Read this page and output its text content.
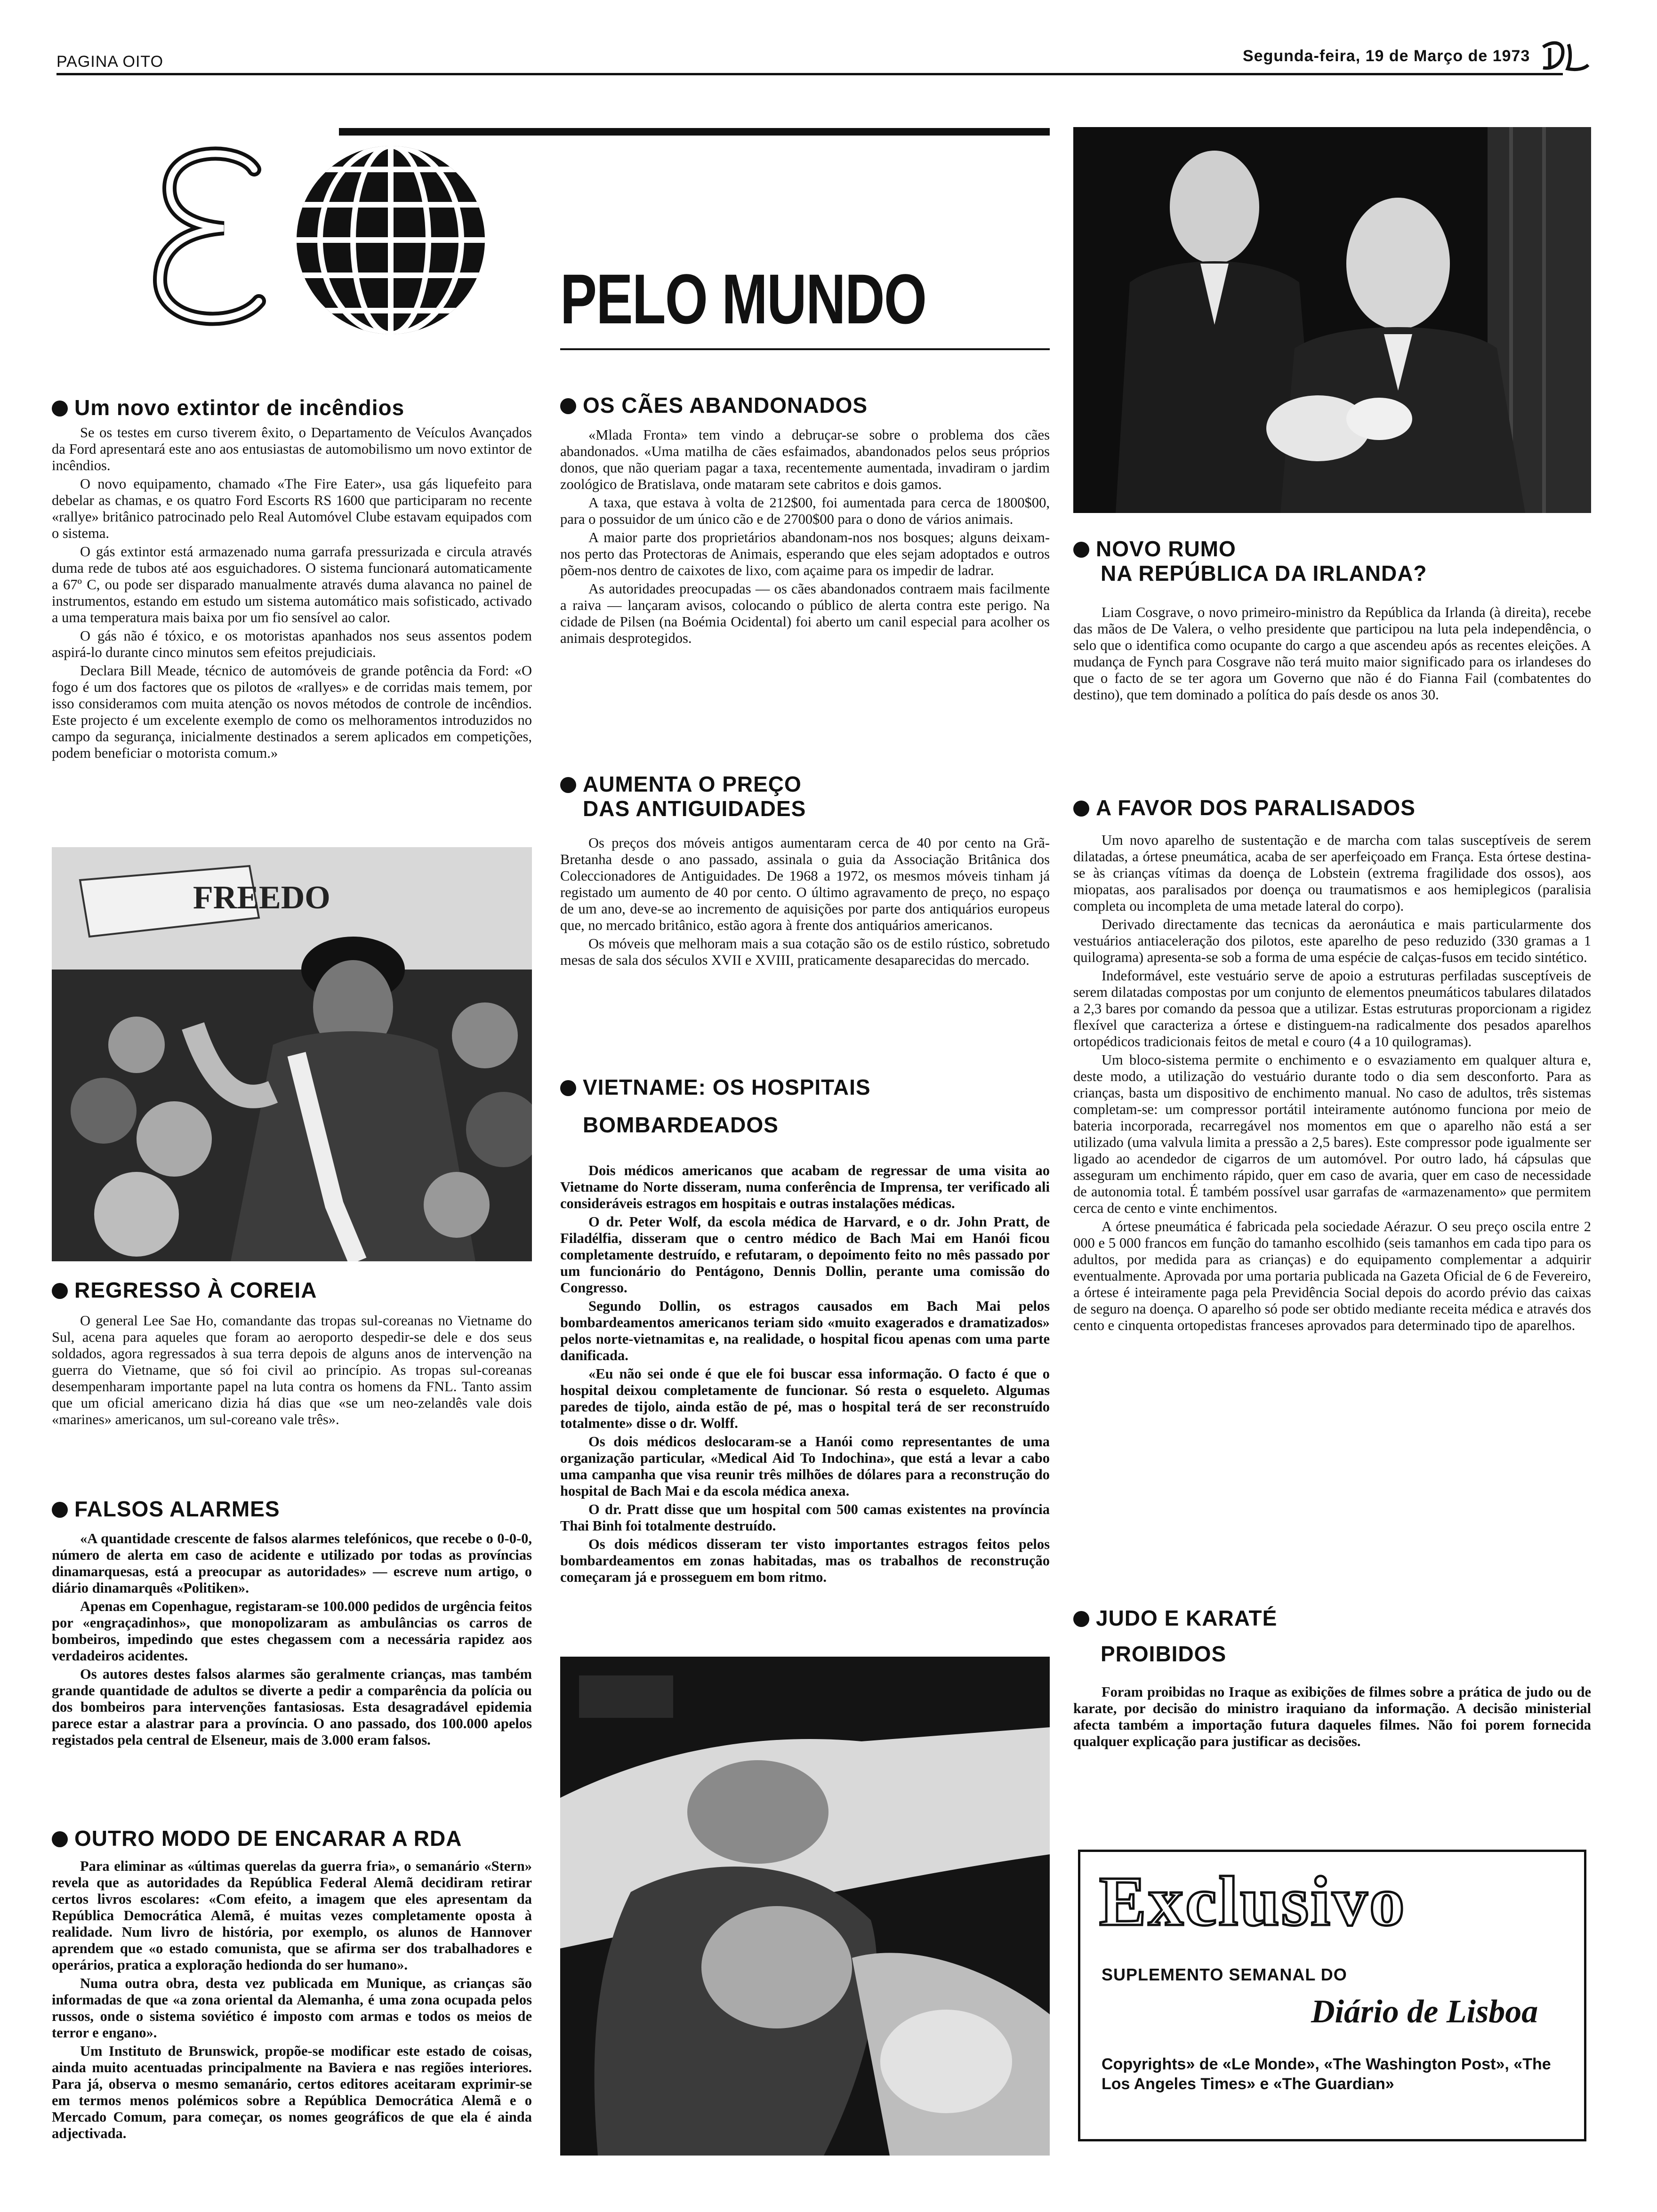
PAGINA OITO	Segunda-feira, 19 de Março de 1973
DL
E
PELO MUNDO
Um novo extintor de incêndios

Se os testes em curso tiverem êxito, o Departamento de Veículos Avançados da Ford apresentará este ano aos entusiastas de automobilismo um novo extintor de incêndios.

O novo equipamento, chamado «The Fire Eater», usa gás liquefeito para debelar as chamas, e os quatro Ford Escorts RS 1600 que participaram no recente «rallye» britânico patrocinado pelo Real Automóvel Clube estavam equipados com o sistema.

O gás extintor está armazenado numa garrafa pressurizada e circula através duma rede de tubos até aos esguichadores. O sistema funcionará automaticamente a 67º C, ou pode ser disparado manualmente através duma alavanca no painel de instrumentos, estando em estudo um sistema automático mais sofisticado, activado a uma temperatura mais baixa por um fio sensível ao calor.

O gás não é tóxico, e os motoristas apanhados nos seus assentos podem aspirá-lo durante cinco minutos sem efeitos prejudiciais.

Declara Bill Meade, técnico de automóveis de grande potência da Ford: «O fogo é um dos factores que os pilotos de «rallyes» e de corridas mais temem, por isso consideramos com muita atenção os novos métodos de controle de incêndios. Este projecto é um excelente exemplo de como os melhoramentos introduzidos no campo da segurança, inicialmente destinados a serem aplicados em competições, podem beneficiar o motorista comum.»

FREEDO
REGRESSO À COREIA

O general Lee Sae Ho, comandante das tropas sul-coreanas no Vietname do Sul, acena para aqueles que foram ao aeroporto despedir-se dele e dos seus soldados, agora regressados à sua terra depois de alguns anos de intervenção na guerra do Vietname, que só foi civil ao princípio. As tropas sul-coreanas desempenharam importante papel na luta contra os homens da FNL. Tanto assim que um oficial americano dizia há dias que «se um neo-zelandês vale dois «marines» americanos, um sul-coreano vale três».

FALSOS ALARMES

«A quantidade crescente de falsos alarmes telefónicos, que recebe o 0-0-0, número de alerta em caso de acidente e utilizado por todas as províncias dinamarquesas, está a preocupar as autoridades» — escreve num artigo, o diário dinamarquês «Politiken».

Apenas em Copenhague, registaram-se 100.000 pedidos de urgência feitos por «engraçadinhos», que monopolizaram as ambulâncias os carros de bombeiros, impedindo que estes chegassem com a necessária rapidez aos verdadeiros acidentes.

Os autores destes falsos alarmes são geralmente crianças, mas também grande quantidade de adultos se diverte a pedir a comparência da polícia ou dos bombeiros para intervenções fantasiosas. Esta desagradável epidemia parece estar a alastrar para a província. O ano passado, dos 100.000 apelos registados pela central de Elseneur, mais de 3.000 eram falsos.

OUTRO MODO DE ENCARAR A RDA

Para eliminar as «últimas querelas da guerra fria», o semanário «Stern» revela que as autoridades da República Federal Alemã decidiram retirar certos livros escolares: «Com efeito, a imagem que eles apresentam da República Democrática Alemã, é muitas vezes completamente oposta à realidade. Num livro de história, por exemplo, os alunos de Hannover aprendem que «o estado comunista, que se afirma ser dos trabalhadores e operários, pratica a exploração hedionda do ser humano».

Numa outra obra, desta vez publicada em Munique, as crianças são informadas de que «a zona oriental da Alemanha, é uma zona ocupada pelos russos, onde o sistema soviético é imposto com armas e todos os meios de terror e engano».

Um Instituto de Brunswick, propõe-se modificar este estado de coisas, ainda muito acentuadas principalmente na Baviera e nas regiões interiores. Para já, observa o mesmo semanário, certos editores aceitaram exprimir-se em termos menos polémicos sobre a República Democrática Alemã e o Mercado Comum, para começar, os nomes geográficos de que ela é ainda adjectivada.

OS CÃES ABANDONADOS

«Mlada Fronta» tem vindo a debruçar-se sobre o problema dos cães abandonados. «Uma matilha de cães esfaimados, abandonados pelos seus próprios donos, que não queriam pagar a taxa, recentemente aumentada, invadiram o jardim zoológico de Bratislava, onde mataram sete cabritos e dois gamos.

A taxa, que estava à volta de 212$00, foi aumentada para cerca de 1800$00, para o possuidor de um único cão e de 2700$00 para o dono de vários animais.

A maior parte dos proprietários abandonam-nos nos bosques; alguns deixam-nos perto das Protectoras de Animais, esperando que eles sejam adoptados e outros põem-nos dentro de caixotes de lixo, com açaime para os impedir de ladrar.

As autoridades preocupadas — os cães abandonados contraem mais facilmente a raiva — lançaram avisos, colocando o público de alerta contra este perigo. Na cidade de Pilsen (na Boémia Ocidental) foi aberto um canil especial para acolher os animais desprotegidos.

AUMENTA O PREÇO
DAS ANTIGUIDADES

Os preços dos móveis antigos aumentaram cerca de 40 por cento na Grã-Bretanha desde o ano passado, assinala o guia da Associação Britânica dos Coleccionadores de Antiguidades. De 1968 a 1972, os mesmos móveis tinham já registado um aumento de 40 por cento. O último agravamento de preço, no espaço de um ano, deve-se ao incremento de aquisições por parte dos antiquários europeus que, no mercado britânico, estão agora à frente dos antiquários americanos.

Os móveis que melhoram mais a sua cotação são os de estilo rústico, sobretudo mesas de sala dos séculos XVII e XVIII, praticamente desaparecidas do mercado.

VIETNAME: OS HOSPITAIS
BOMBARDEADOS

Dois médicos americanos que acabam de regressar de uma visita ao Vietname do Norte disseram, numa conferência de Imprensa, ter verificado ali consideráveis estragos em hospitais e outras instalações médicas.

O dr. Peter Wolf, da escola médica de Harvard, e o dr. John Pratt, de Filadélfia, disseram que o centro médico de Bach Mai em Hanói ficou completamente destruído, e refutaram, o depoimento feito no mês passado por um funcionário do Pentágono, Dennis Dollin, perante uma comissão do Congresso.

Segundo Dollin, os estragos causados em Bach Mai pelos bombardeamentos americanos teriam sido «muito exagerados e dramatizados» pelos norte-vietnamitas e, na realidade, o hospital ficou apenas com uma parte danificada.

«Eu não sei onde é que ele foi buscar essa informação. O facto é que o hospital deixou completamente de funcionar. Só resta o esqueleto. Algumas paredes de tijolo, ainda estão de pé, mas o hospital terá de ser reconstruído totalmente» disse o dr. Wolff.

Os dois médicos deslocaram-se a Hanói como representantes de uma organização particular, «Medical Aid To Indochina», que está a levar a cabo uma campanha que visa reunir três milhões de dólares para a reconstrução do hospital de Bach Mai e da escola médica anexa.

O dr. Pratt disse que um hospital com 500 camas existentes na província Thai Binh foi totalmente destruído.

Os dois médicos disseram ter visto importantes estragos feitos pelos bombardeamentos em zonas habitadas, mas os trabalhos de reconstrução começaram já e prosseguem em bom ritmo.

NOVO RUMO
NA REPÚBLICA DA IRLANDA?

Liam Cosgrave, o novo primeiro-ministro da República da Irlanda (à direita), recebe das mãos de De Valera, o velho presidente que participou na luta pela independência, o selo que o identifica como ocupante do cargo a que ascendeu após as recentes eleições. A mudança de Fynch para Cosgrave não terá muito maior significado para os irlandeses do que o facto de se ter agora um Governo que não é do Fianna Fail (combatentes do destino), que tem dominado a política do país desde os anos 30.

A FAVOR DOS PARALISADOS

Um novo aparelho de sustentação e de marcha com talas susceptíveis de serem dilatadas, a órtese pneumática, acaba de ser aperfeiçoado em França. Esta órtese destina-se às crianças vítimas da doença de Lobstein (extrema fragilidade dos ossos), aos miopatas, aos paralisados por doença ou traumatismos e aos hemiplegicos (paralisia completa ou incompleta de uma metade lateral do corpo).

Derivado directamente das tecnicas da aeronáutica e mais particularmente dos vestuários antiaceleração dos pilotos, este aparelho de peso reduzido (330 gramas a 1 quilograma) apresenta-se sob a forma de uma espécie de calças-fusos em tecido sintético.

Indeformável, este vestuário serve de apoio a estruturas perfiladas susceptíveis de serem dilatadas compostas por um conjunto de elementos pneumáticos tabulares dilatados a 2,3 bares por comando da pessoa que a utilizar. Estas estruturas proporcionam a rigidez flexível que caracteriza a órtese e distinguem-na radicalmente dos pesados aparelhos ortopédicos tradicionais feitos de metal e couro (4 a 10 quilogramas).

Um bloco-sistema permite o enchimento e o esvaziamento em qualquer altura e, deste modo, a utilização do vestuário durante todo o dia sem desconforto. Para as crianças, basta um dispositivo de enchimento manual. No caso de adultos, três sistemas completam-se: um compressor portátil inteiramente autónomo funciona por meio de bateria incorporada, recarregável nos momentos em que o aparelho não está a ser utilizado (uma valvula limita a pressão a 2,5 bares). Este compressor pode igualmente ser ligado ao acendedor de cigarros de um automóvel. Por outro lado, há cápsulas que asseguram um enchimento rápido, quer em caso de avaria, quer em caso de necessidade de autonomia total. É também possível usar garrafas de «armazenamento» que permitem cerca de cento e vinte enchimentos.

A órtese pneumática é fabricada pela sociedade Aérazur. O seu preço oscila entre 2 000 e 5 000 francos em função do tamanho escolhido (seis tamanhos em cada tipo para os adultos, por medida para as crianças) e do equipamento complementar a adquirir eventualmente. Aprovada por uma portaria publicada na Gazeta Oficial de 6 de Fevereiro, a órtese é inteiramente paga pela Previdência Social depois do acordo prévio das caixas de seguro na doença. O aparelho só pode ser obtido mediante receita médica e através dos cento e cinquenta ortopedistas franceses aprovados para determinado tipo de aparelhos.

JUDO E KARATÉ
PROIBIDOS

Foram proibidas no Iraque as exibições de filmes sobre a prática de judo ou de karate, por decisão do ministro iraquiano da informação. A decisão ministerial afecta também a importação futura daqueles filmes. Não foi porem fornecida qualquer explicação para justificar as decisões.

Exclusivo
SUPLEMENTO SEMANAL DO
Diário de Lisboa
Copyrights» de «Le Monde», «The Washington Post», «The Los Angeles Times» e «The Guardian»
